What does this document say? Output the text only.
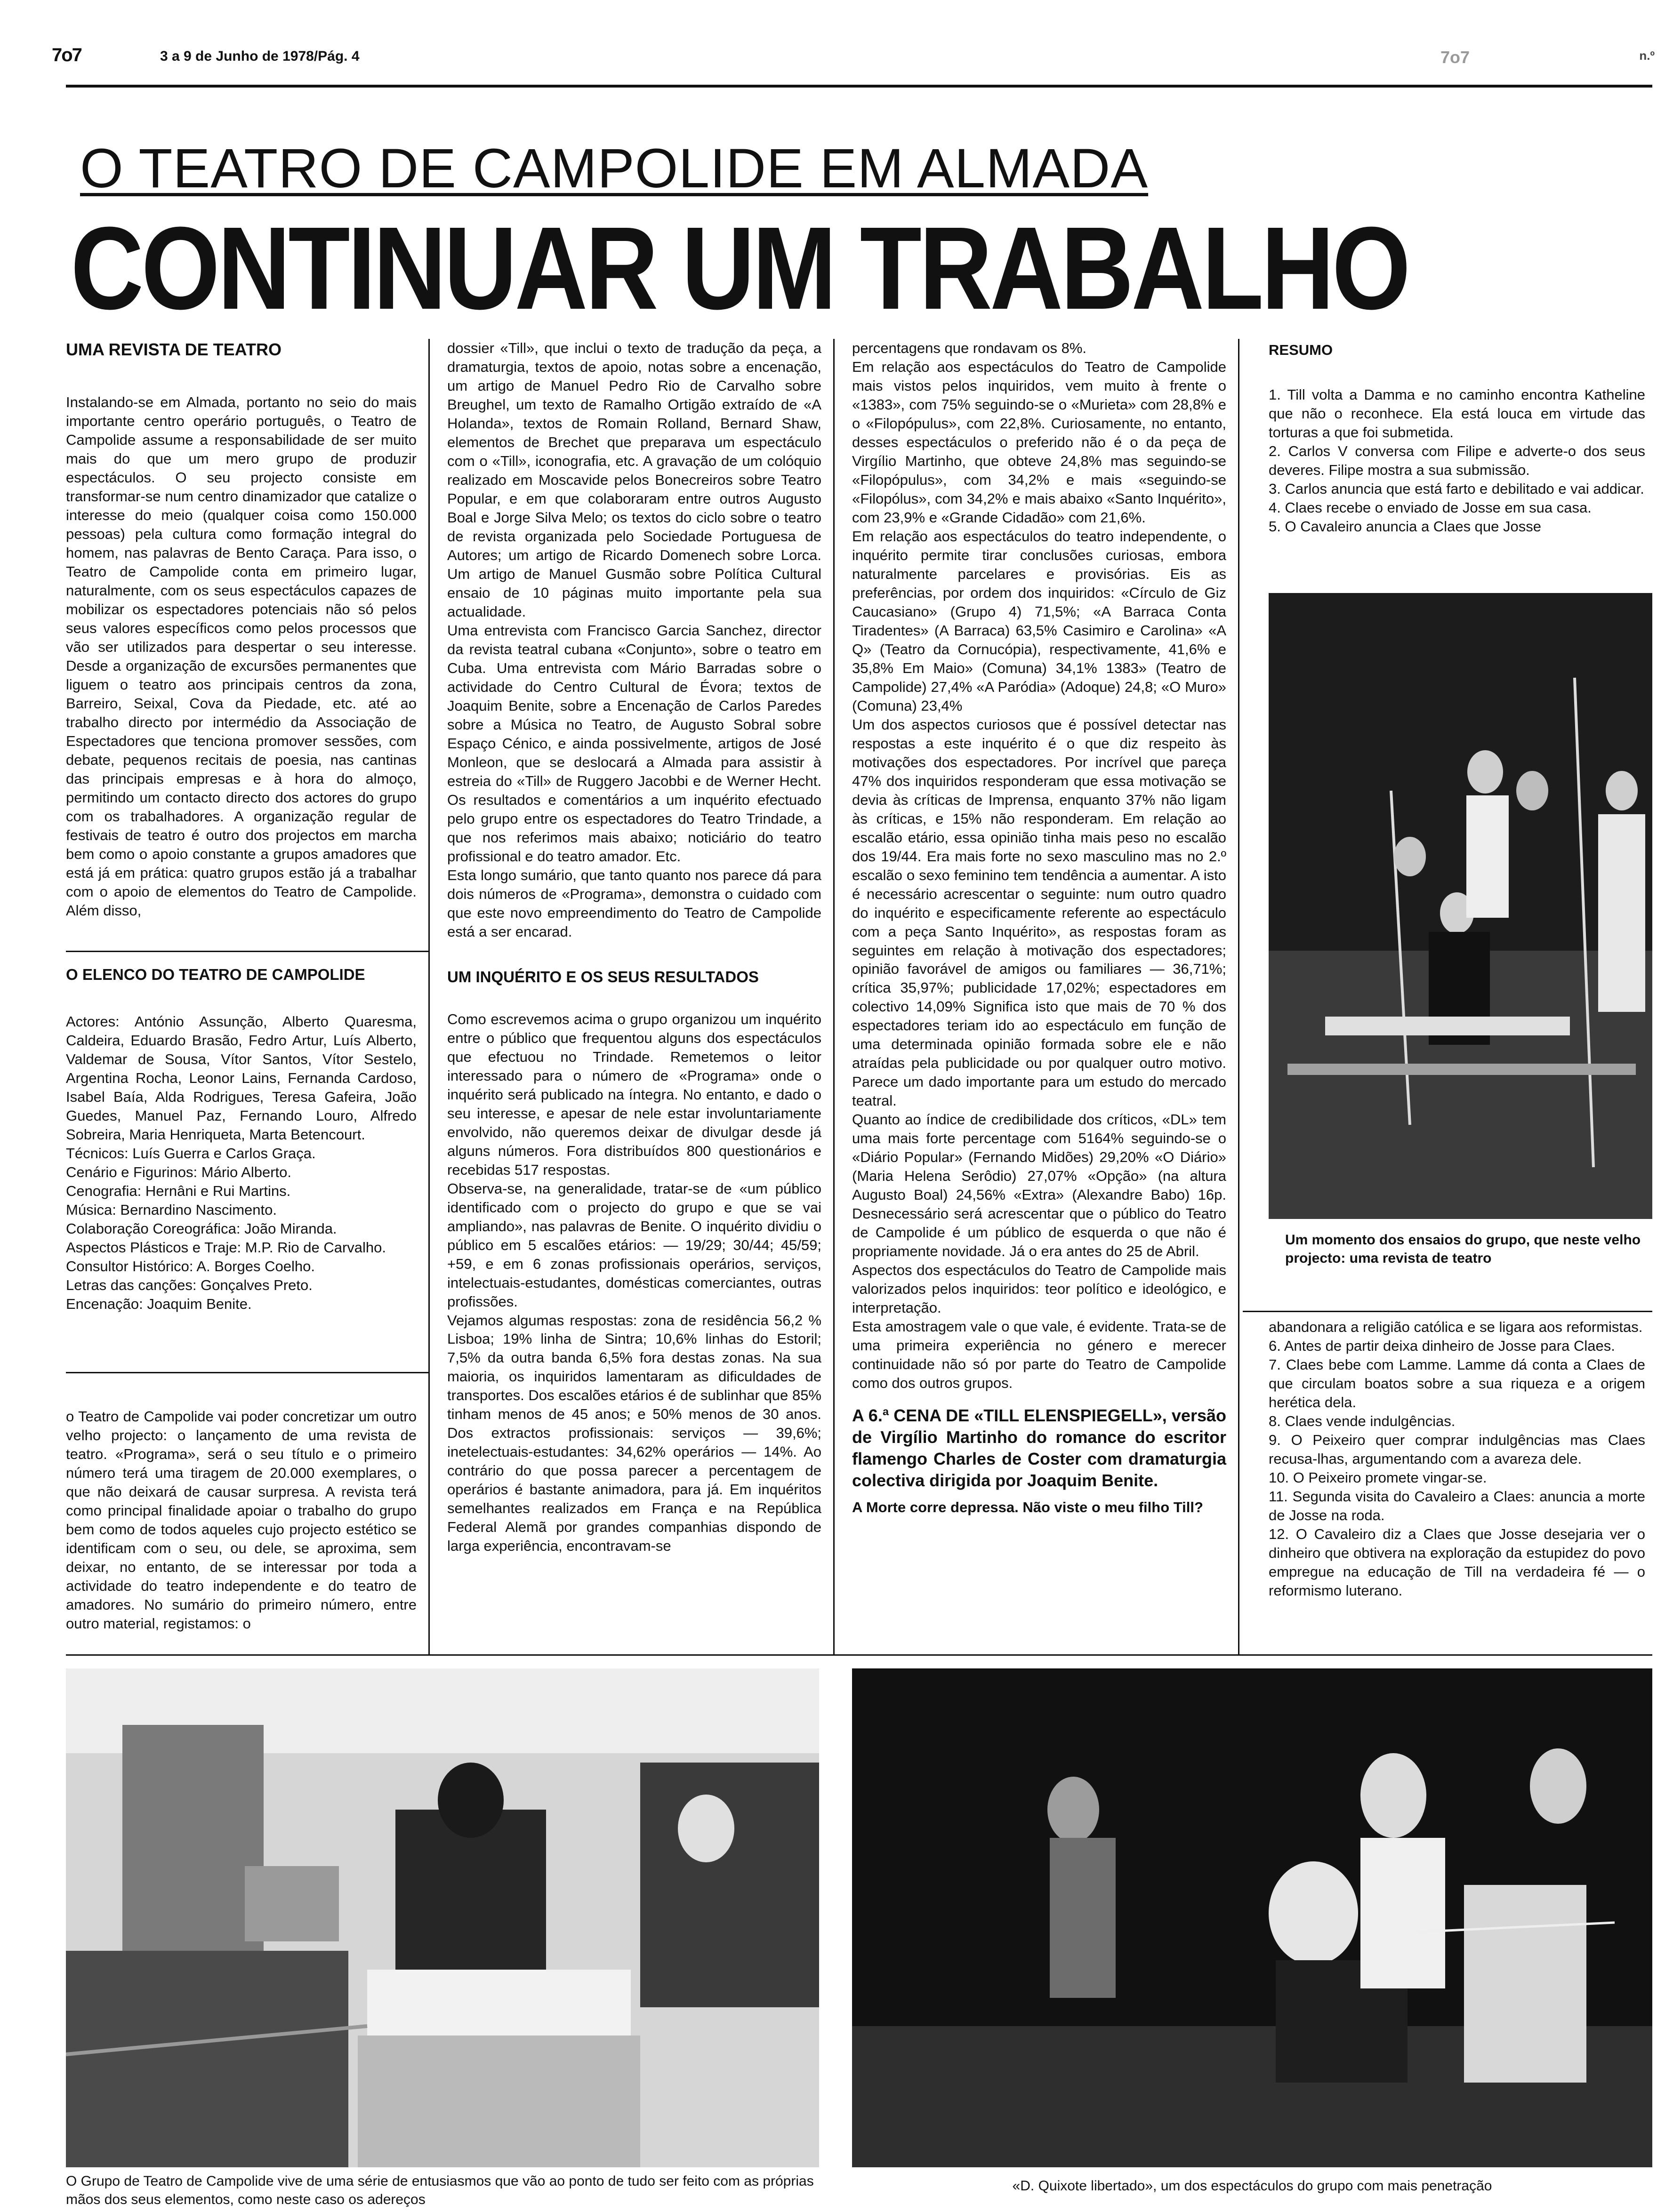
7o7	3 a 9 de Junho de 1978/Pág. 4	7o7	n.º
O TEATRO DE CAMPOLIDE EM ALMADA
CONTINUAR UM TRABALHO
UMA REVISTA DE TEATRO

Instalando-se em Almada, portanto no seio do mais importante centro operário português, o Teatro de Campolide assume a responsabilidade de ser muito mais do que um mero grupo de produzir espectáculos. O seu projecto consiste em transformar-se num centro dinamizador que catalize o interesse do meio (qualquer coisa como 150.000 pessoas) pela cultura como formação integral do homem, nas palavras de Bento Caraça. Para isso, o Teatro de Campolide conta em primeiro lugar, naturalmente, com os seus espectáculos capazes de mobilizar os espectadores potenciais não só pelos seus valores específicos como pelos processos que vão ser utilizados para despertar o seu interesse. Desde a organização de excursões permanentes que liguem o teatro aos principais centros da zona, Barreiro, Seixal, Cova da Piedade, etc. até ao trabalho directo por intermédio da Associação de Espectadores que tenciona promover sessões, com debate, pequenos recitais de poesia, nas cantinas das principais empresas e à hora do almoço, permitindo um contacto directo dos actores do grupo com os trabalhadores. A organização regular de festivais de teatro é outro dos projectos em marcha bem como o apoio constante a grupos amadores que está já em prática: quatro grupos estão já a trabalhar com o apoio de elementos do Teatro de Campolide. Além disso,

O ELENCO DO TEATRO DE CAMPOLIDE

Actores: António Assunção, Alberto Quaresma, Caldeira, Eduardo Brasão, Fedro Artur, Luís Alberto, Valdemar de Sousa, Vítor Santos, Vítor Sestelo, Argentina Rocha, Leonor Lains, Fernanda Cardoso, Isabel Baía, Alda Rodrigues, Teresa Gafeira, João Guedes, Manuel Paz, Fernando Louro, Alfredo Sobreira, Maria Henriqueta, Marta Betencourt.

Técnicos: Luís Guerra e Carlos Graça.

Cenário e Figurinos: Mário Alberto.

Cenografia: Hernâni e Rui Martins.

Música: Bernardino Nascimento.

Colaboração Coreográfica: João Miranda.

Aspectos Plásticos e Traje: M.P. Rio de Carvalho.

Consultor Histórico: A. Borges Coelho.

Letras das canções: Gonçalves Preto.

Encenação: Joaquim Benite.

o Teatro de Campolide vai poder concretizar um outro velho projecto: o lançamento de uma revista de teatro. «Programa», será o seu título e o primeiro número terá uma tiragem de 20.000 exemplares, o que não deixará de causar surpresa. A revista terá como principal finalidade apoiar o trabalho do grupo bem como de todos aqueles cujo projecto estético se identificam com o seu, ou dele, se aproxima, sem deixar, no entanto, de se interessar por toda a actividade do teatro independente e do teatro de amadores. No sumário do primeiro número, entre outro material, registamos: o

dossier «Till», que inclui o texto de tradução da peça, a dramaturgia, textos de apoio, notas sobre a encenação, um artigo de Manuel Pedro Rio de Carvalho sobre Breughel, um texto de Ramalho Ortigão extraído de «A Holanda», textos de Romain Rolland, Bernard Shaw, elementos de Brechet que preparava um espectáculo com o «Till», iconografia, etc. A gravação de um colóquio realizado em Moscavide pelos Bonecreiros sobre Teatro Popular, e em que colaboraram entre outros Augusto Boal e Jorge Silva Melo; os textos do ciclo sobre o teatro de revista organizada pelo Sociedade Portuguesa de Autores; um artigo de Ricardo Domenech sobre Lorca. Um artigo de Manuel Gusmão sobre Política Cultural ensaio de 10 páginas muito importante pela sua actualidade.

Uma entrevista com Francisco Garcia Sanchez, director da revista teatral cubana «Conjunto», sobre o teatro em Cuba. Uma entrevista com Mário Barradas sobre o actividade do Centro Cultural de Évora; textos de Joaquim Benite, sobre a Encenação de Carlos Paredes sobre a Música no Teatro, de Augusto Sobral sobre Espaço Cénico, e ainda possivelmente, artigos de José Monleon, que se deslocará a Almada para assistir à estreia do «Till» de Ruggero Jacobbi e de Werner Hecht. Os resultados e comentários a um inquérito efectuado pelo grupo entre os espectadores do Teatro Trindade, a que nos referimos mais abaixo; noticiário do teatro profissional e do teatro amador. Etc.

Esta longo sumário, que tanto quanto nos parece dá para dois números de «Programa», demonstra o cuidado com que este novo empreendimento do Teatro de Campolide está a ser encarad.

UM INQUÉRITO E OS SEUS RESULTADOS

Como escrevemos acima o grupo organizou um inquérito entre o público que frequentou alguns dos espectáculos que efectuou no Trindade. Remetemos o leitor interessado para o número de «Programa» onde o inquérito será publicado na íntegra. No entanto, e dado o seu interesse, e apesar de nele estar involuntariamente envolvido, não queremos deixar de divulgar desde já alguns números. Fora distribuídos 800 questionários e recebidas 517 respostas.

Observa-se, na generalidade, tratar-se de «um público identificado com o projecto do grupo e que se vai ampliando», nas palavras de Benite. O inquérito dividiu o público em 5 escalões etários: — 19/29; 30/44; 45/59; +59, e em 6 zonas profissionais operários, serviços, intelectuais-estudantes, domésticas comerciantes, outras profissões.

Vejamos algumas respostas: zona de residência 56,2 % Lisboa; 19% linha de Sintra; 10,6% linhas do Estoril; 7,5% da outra banda 6,5% fora destas zonas. Na sua maioria, os inquiridos lamentaram as dificuldades de transportes. Dos escalões etários é de sublinhar que 85% tinham menos de 45 anos; e 50% menos de 30 anos. Dos extractos profissionais: serviços — 39,6%; inetelectuais-estudantes: 34,62% operários — 14%. Ao contrário do que possa parecer a percentagem de operários é bastante animadora, para já. Em inquéritos semelhantes realizados em França e na República Federal Alemã por grandes companhias dispondo de larga experiência, encontravam-se

percentagens que rondavam os 8%.

Em relação aos espectáculos do Teatro de Campolide mais vistos pelos inquiridos, vem muito à frente o «1383», com 75% seguindo-se o «Murieta» com 28,8% e o «Filopópulus», com 22,8%. Curiosamente, no entanto, desses espectáculos o preferido não é o da peça de Virgílio Martinho, que obteve 24,8% mas seguindo-se «Filopópulus», com 34,2% e mais «seguindo-se «Filopólus», com 34,2% e mais abaixo «Santo Inquérito», com 23,9% e «Grande Cidadão» com 21,6%.

Em relação aos espectáculos do teatro independente, o inquérito permite tirar conclusões curiosas, embora naturalmente parcelares e provisórias. Eis as preferências, por ordem dos inquiridos: «Círculo de Giz Caucasiano» (Grupo 4) 71,5%; «A Barraca Conta Tiradentes» (A Barraca) 63,5% Casimiro e Carolina» «A Q» (Teatro da Cornucópia), respectivamente, 41,6% e 35,8% Em Maio» (Comuna) 34,1% 1383» (Teatro de Campolide) 27,4% «A Paródia» (Adoque) 24,8; «O Muro» (Comuna) 23,4%

Um dos aspectos curiosos que é possível detectar nas respostas a este inquérito é o que diz respeito às motivações dos espectadores. Por incrível que pareça 47% dos inquiridos responderam que essa motivação se devia às críticas de Imprensa, enquanto 37% não ligam às críticas, e 15% não responderam. Em relação ao escalão etário, essa opinião tinha mais peso no escalão dos 19/44. Era mais forte no sexo masculino mas no 2.º escalão o sexo feminino tem tendência a aumentar. A isto é necessário acrescentar o seguinte: num outro quadro do inquérito e especificamente referente ao espectáculo com a peça Santo Inquérito», as respostas foram as seguintes em relação à motivação dos espectadores; opinião favorável de amigos ou familiares — 36,71%; crítica 35,97%; publicidade 17,02%; espectadores em colectivo 14,09% Significa isto que mais de 70 % dos espectadores teriam ido ao espectáculo em função de uma determinada opinião formada sobre ele e não atraídas pela publicidade ou por qualquer outro motivo. Parece um dado importante para um estudo do mercado teatral.

Quanto ao índice de credibilidade dos críticos, «DL» tem uma mais forte percentage com 5164% seguindo-se o «Diário Popular» (Fernando Midões) 29,20% «O Diário» (Maria Helena Serôdio) 27,07% «Opção» (na altura Augusto Boal) 24,56% «Extra» (Alexandre Babo) 16p. Desnecessário será acrescentar que o público do Teatro de Campolide é um público de esquerda o que não é propriamente novidade. Já o era antes do 25 de Abril.

Aspectos dos espectáculos do Teatro de Campolide mais valorizados pelos inquiridos: teor político e ideológico, e interpretação.

Esta amostragem vale o que vale, é evidente. Trata-se de uma primeira experiência no género e merecer continuidade não só por parte do Teatro de Campolide como dos outros grupos.

A 6.ª CENA DE «TILL ELENSPIEGELL», versão de Virgílio Martinho do romance do escritor flamengo Charles de Coster com dramaturgia colectiva dirigida por Joaquim Benite.
A Morte corre depressa. Não viste o meu filho Till?
RESUMO

1. Till volta a Damma e no caminho encontra Katheline que não o reconhece. Ela está louca em virtude das torturas a que foi submetida.

2. Carlos V conversa com Filipe e adverte-o dos seus deveres. Filipe mostra a sua submissão.

3. Carlos anuncia que está farto e debilitado e vai addicar.

4. Claes recebe o enviado de Josse em sua casa.

5. O Cavaleiro anuncia a Claes que Josse

Um momento dos ensaios do grupo, que neste velho projecto: uma revista de teatro

abandonara a religião católica e se ligara aos reformistas.

6. Antes de partir deixa dinheiro de Josse para Claes.

7. Claes bebe com Lamme. Lamme dá conta a Claes de que circulam boatos sobre a sua riqueza e a origem herética dela.

8. Claes vende indulgências.

9. O Peixeiro quer comprar indulgências mas Claes recusa-lhas, argumentando com a avareza dele.

10. O Peixeiro promete vingar-se.

11. Segunda visita do Cavaleiro a Claes: anuncia a morte de Josse na roda.

12. O Cavaleiro diz a Claes que Josse desejaria ver o dinheiro que obtivera na exploração da estupidez do povo empregue na educação de Till na verdadeira fé — o reformismo luterano.

O Grupo de Teatro de Campolide vive de uma série de entusiasmos que vão ao ponto de tudo ser feito com as próprias mãos dos seus elementos, como neste caso os adereços
«D. Quixote libertado», um dos espectáculos do grupo com mais penetração
